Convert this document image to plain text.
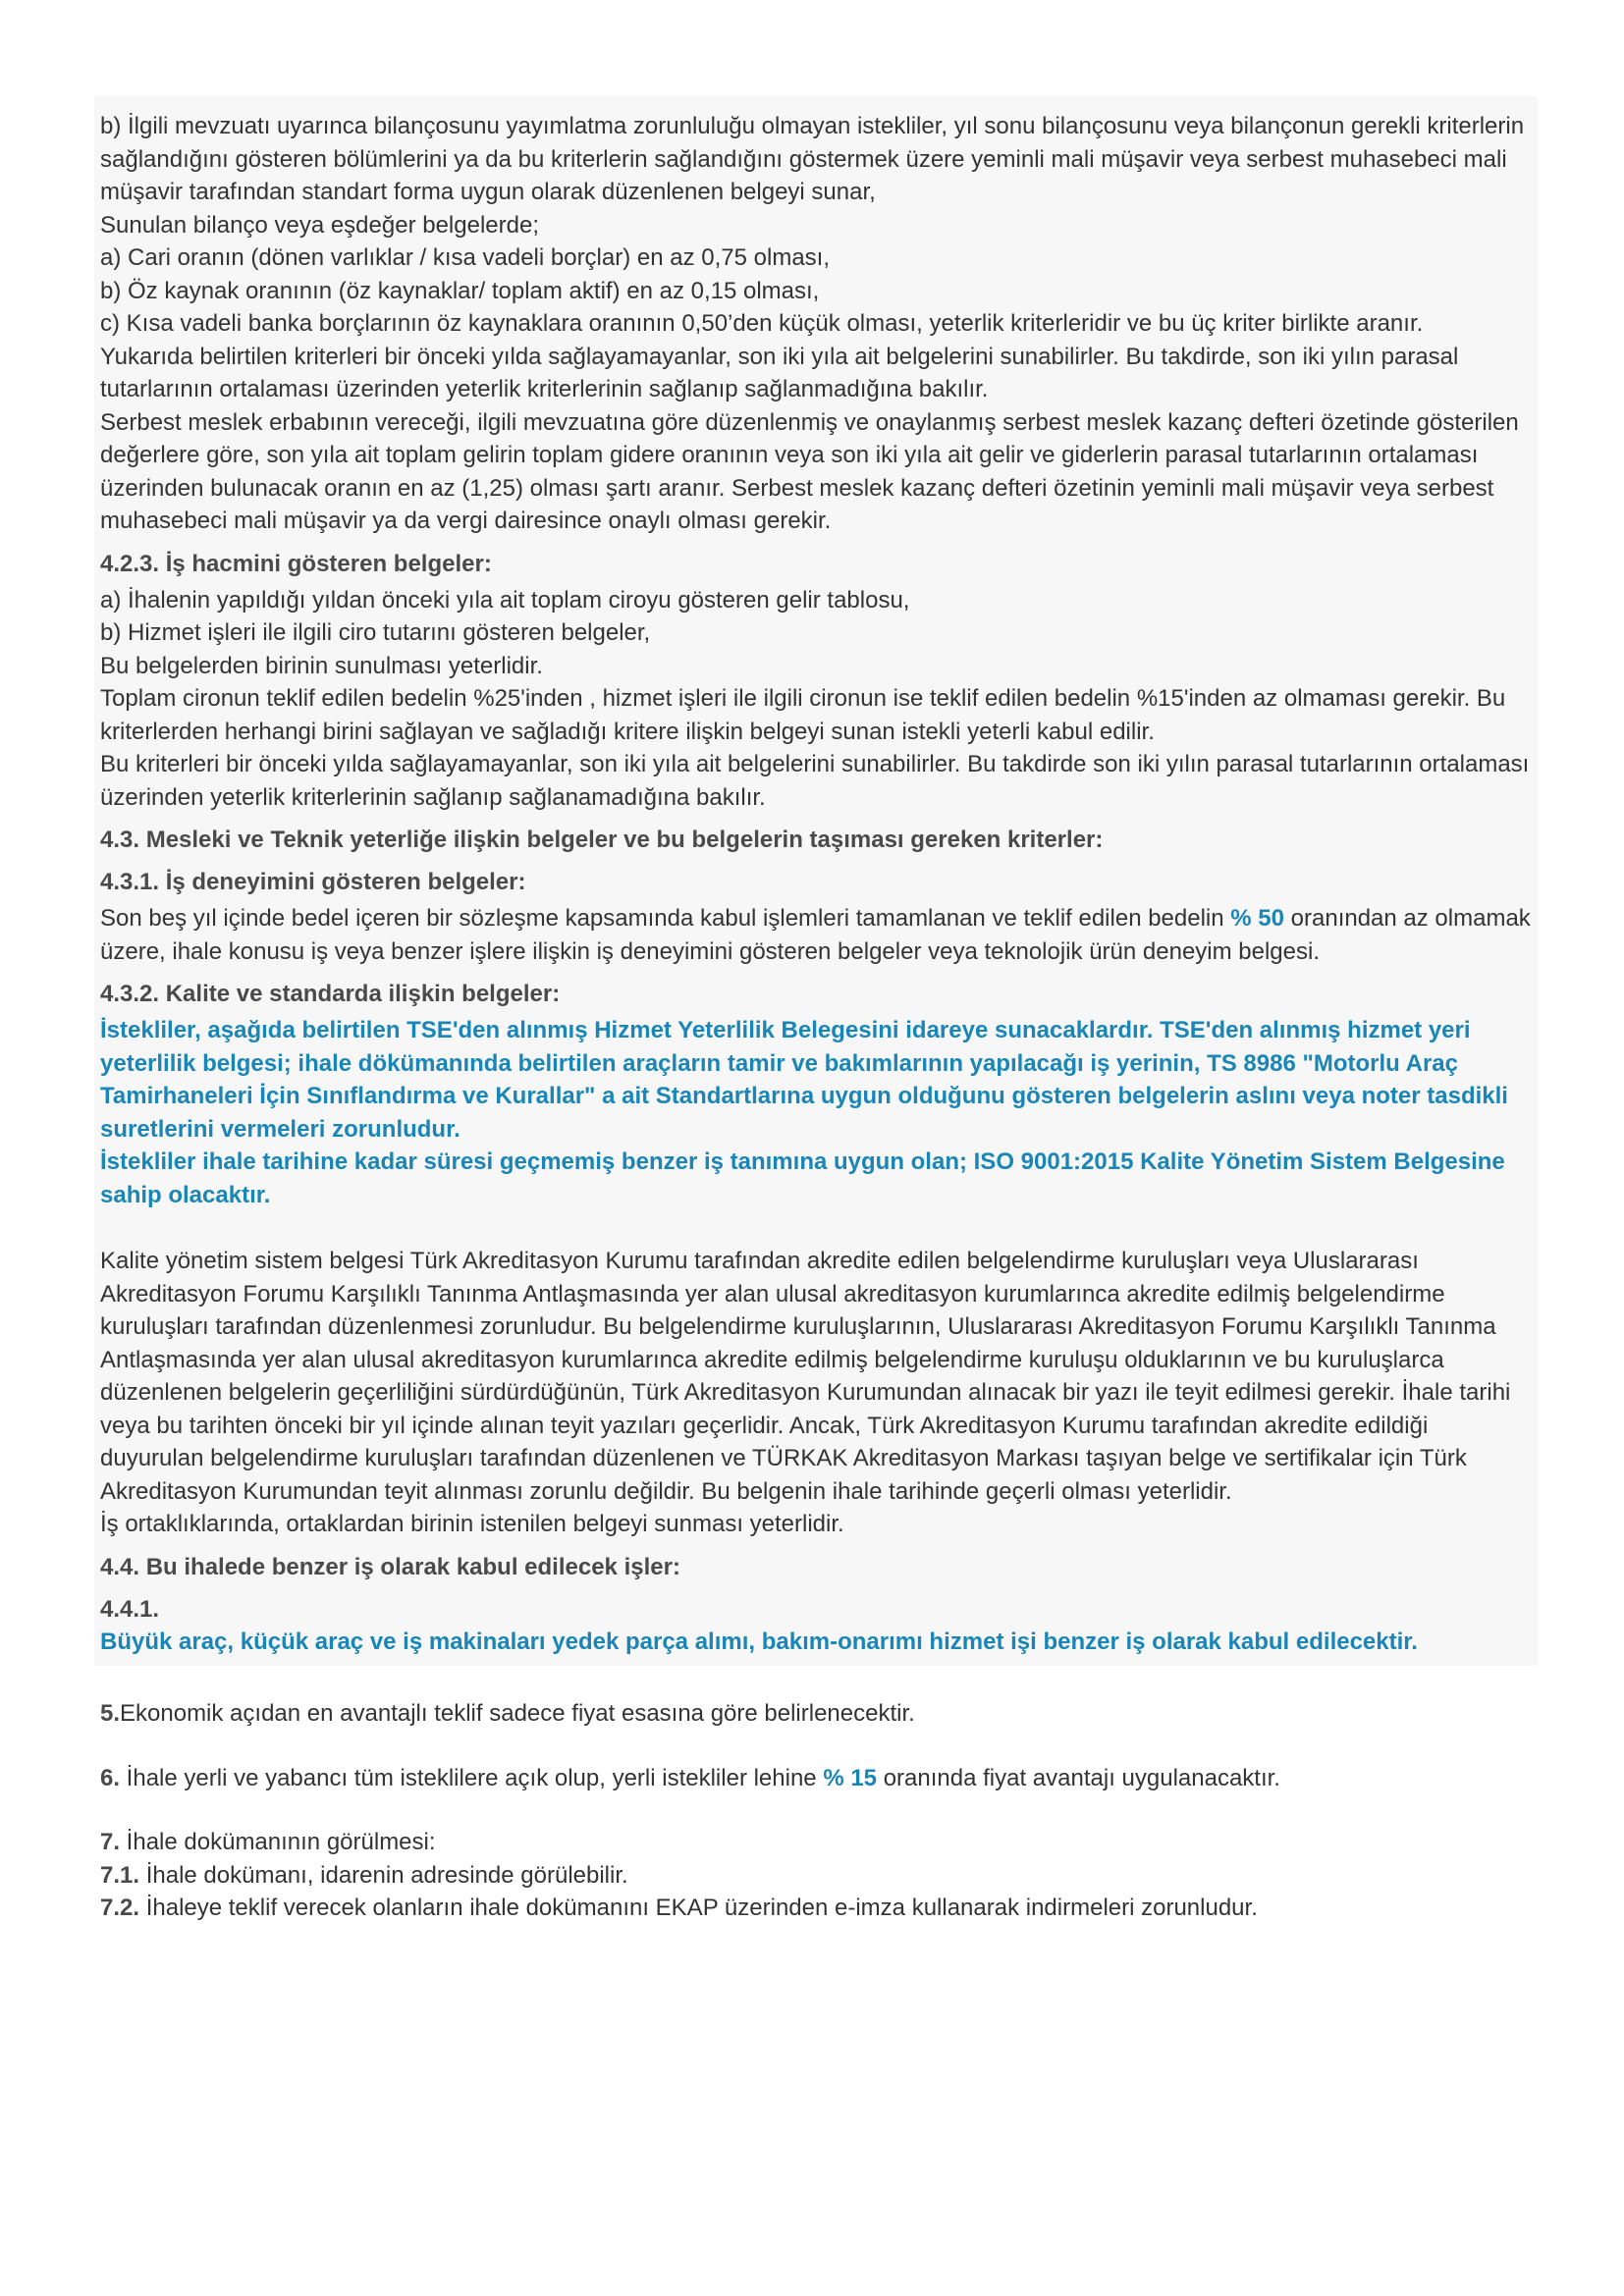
b) İlgili mevzuatı uyarınca bilançosunu yayımlatma zorunluluğu olmayan istekliler, yıl sonu bilançosunu veya bilançonun gerekli kriterlerin sağlandığını gösteren bölümlerini ya da bu kriterlerin sağlandığını göstermek üzere yeminli mali müşavir veya serbest muhasebeci mali müşavir tarafından standart forma uygun olarak düzenlenen belgeyi sunar,

Sunulan bilanço veya eşdeğer belgelerde;

a) Cari oranın (dönen varlıklar / kısa vadeli borçlar) en az 0,75 olması,

b) Öz kaynak oranının (öz kaynaklar/ toplam aktif) en az 0,15 olması,

c) Kısa vadeli banka borçlarının öz kaynaklara oranının 0,50’den küçük olması, yeterlik kriterleridir ve bu üç kriter birlikte aranır.

Yukarıda belirtilen kriterleri bir önceki yılda sağlayamayanlar, son iki yıla ait belgelerini sunabilirler. Bu takdirde, son iki yılın parasal tutarlarının ortalaması üzerinden yeterlik kriterlerinin sağlanıp sağlanmadığına bakılır.

Serbest meslek erbabının vereceği, ilgili mevzuatına göre düzenlenmiş ve onaylanmış serbest meslek kazanç defteri özetinde gösterilen değerlere göre, son yıla ait toplam gelirin toplam gidere oranının veya son iki yıla ait gelir ve giderlerin parasal tutarlarının ortalaması üzerinden bulunacak oranın en az (1,25) olması şartı aranır. Serbest meslek kazanç defteri özetinin yeminli mali müşavir veya serbest muhasebeci mali müşavir ya da vergi dairesince onaylı olması gerekir.

4.2.3. İş hacmini gösteren belgeler:

a) İhalenin yapıldığı yıldan önceki yıla ait toplam ciroyu gösteren gelir tablosu,

b) Hizmet işleri ile ilgili ciro tutarını gösteren belgeler,

Bu belgelerden birinin sunulması yeterlidir.

Toplam cironun teklif edilen bedelin %25'inden , hizmet işleri ile ilgili cironun ise teklif edilen bedelin %15'inden az olmaması gerekir. Bu kriterlerden herhangi birini sağlayan ve sağladığı kritere ilişkin belgeyi sunan istekli yeterli kabul edilir.

Bu kriterleri bir önceki yılda sağlayamayanlar, son iki yıla ait belgelerini sunabilirler. Bu takdirde son iki yılın parasal tutarlarının ortalaması üzerinden yeterlik kriterlerinin sağlanıp sağlanamadığına bakılır.

4.3. Mesleki ve Teknik yeterliğe ilişkin belgeler ve bu belgelerin taşıması gereken kriterler:

4.3.1. İş deneyimini gösteren belgeler:

Son beş yıl içinde bedel içeren bir sözleşme kapsamında kabul işlemleri tamamlanan ve teklif edilen bedelin % 50 oranından az olmamak üzere, ihale konusu iş veya benzer işlere ilişkin iş deneyimini gösteren belgeler veya teknolojik ürün deneyim belgesi.

4.3.2. Kalite ve standarda ilişkin belgeler:

İstekliler, aşağıda belirtilen TSE'den alınmış Hizmet Yeterlilik Belegesini idareye sunacaklardır. TSE'den alınmış hizmet yeri yeterlilik belgesi; ihale dökümanında belirtilen araçların tamir ve bakımlarının yapılacağı iş yerinin, TS 8986 "Motorlu Araç Tamirhaneleri İçin Sınıflandırma ve Kurallar" a ait Standartlarına uygun olduğunu gösteren belgelerin aslını veya noter tasdikli suretlerini vermeleri zorunludur.

İstekliler ihale tarihine kadar süresi geçmemiş benzer iş tanımına uygun olan; ISO 9001:2015 Kalite Yönetim Sistem Belgesine sahip olacaktır.

Kalite yönetim sistem belgesi Türk Akreditasyon Kurumu tarafından akredite edilen belgelendirme kuruluşları veya Uluslararası Akreditasyon Forumu Karşılıklı Tanınma Antlaşmasında yer alan ulusal akreditasyon kurumlarınca akredite edilmiş belgelendirme kuruluşları tarafından düzenlenmesi zorunludur. Bu belgelendirme kuruluşlarının, Uluslararası Akreditasyon Forumu Karşılıklı Tanınma Antlaşmasında yer alan ulusal akreditasyon kurumlarınca akredite edilmiş belgelendirme kuruluşu olduklarının ve bu kuruluşlarca düzenlenen belgelerin geçerliliğini sürdürdüğünün, Türk Akreditasyon Kurumundan alınacak bir yazı ile teyit edilmesi gerekir. İhale tarihi veya bu tarihten önceki bir yıl içinde alınan teyit yazıları geçerlidir. Ancak, Türk Akreditasyon Kurumu tarafından akredite edildiği duyurulan belgelendirme kuruluşları tarafından düzenlenen ve TÜRKAK Akreditasyon Markası taşıyan belge ve sertifikalar için Türk Akreditasyon Kurumundan teyit alınması zorunlu değildir. Bu belgenin ihale tarihinde geçerli olması yeterlidir.

İş ortaklıklarında, ortaklardan birinin istenilen belgeyi sunması yeterlidir.

4.4. Bu ihalede benzer iş olarak kabul edilecek işler:

4.4.1.

Büyük araç, küçük araç ve iş makinaları yedek parça alımı, bakım-onarımı hizmet işi benzer iş olarak kabul edilecektir.

5.Ekonomik açıdan en avantajlı teklif sadece fiyat esasına göre belirlenecektir.

6. İhale yerli ve yabancı tüm isteklilere açık olup, yerli istekliler lehine % 15 oranında fiyat avantajı uygulanacaktır.

7. İhale dokümanının görülmesi:

7.1. İhale dokümanı, idarenin adresinde görülebilir.

7.2. İhaleye teklif verecek olanların ihale dokümanını EKAP üzerinden e-imza kullanarak indirmeleri zorunludur.
